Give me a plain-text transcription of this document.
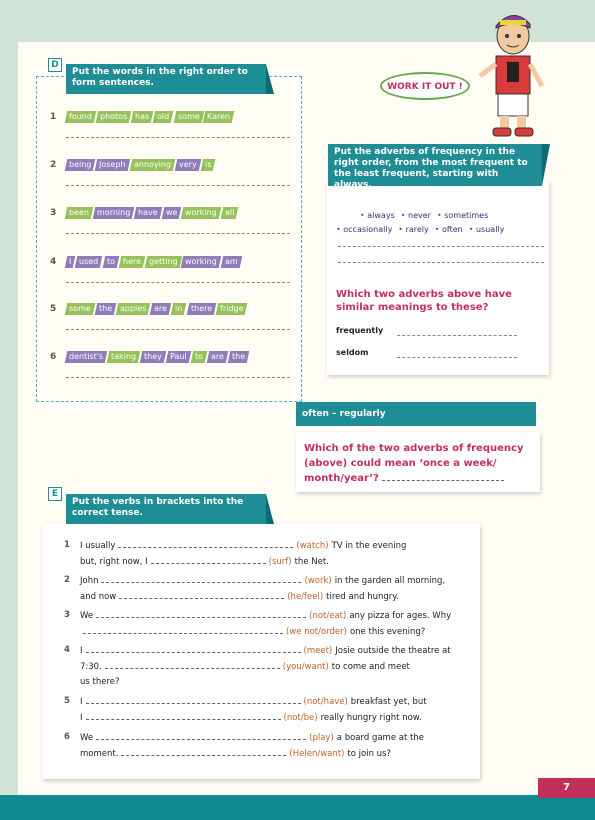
D
Put the words in the right order to form sentences.
1	found	photos	has	old	some	Karen
2	being	Joseph	annoying	very	is
3	been	morning	have	we	working	all
4	I	used	to	here	getting	working	am
5	some	the	apples	are	in	there	fridge
6	dentist's	taking	they	Paul	to	are	the
WORK IT OUT !
Put the adverbs of frequency in the right order, from the most frequent to the least frequent, starting with always.
• always • never • sometimes
• occasionally • rarely • often • usually
Which two adverbs above have similar meanings to these?
frequently
seldom
often – regularly
Which of the two adverbs of frequency (above) could mean ‘once a week/ month/year’?
E
Put the verbs in brackets into the correct tense.
1 I usually	(watch) TV in the evening
but, right now, I	(surf) the Net.
2 John	(work) in the garden all morning,
and now	(he/feel) tired and hungry.
3 We	(not/eat) any pizza for ages. Why
(we not/order) one this evening?
4 I	(meet) Josie outside the theatre at
7:30.	(you/want) to come and meet
us there?
5 I	(not/have) breakfast yet, but
I	(not/be) really hungry right now.
6 We	(play) a board game at the
moment.	(Helen/want) to join us?
7
